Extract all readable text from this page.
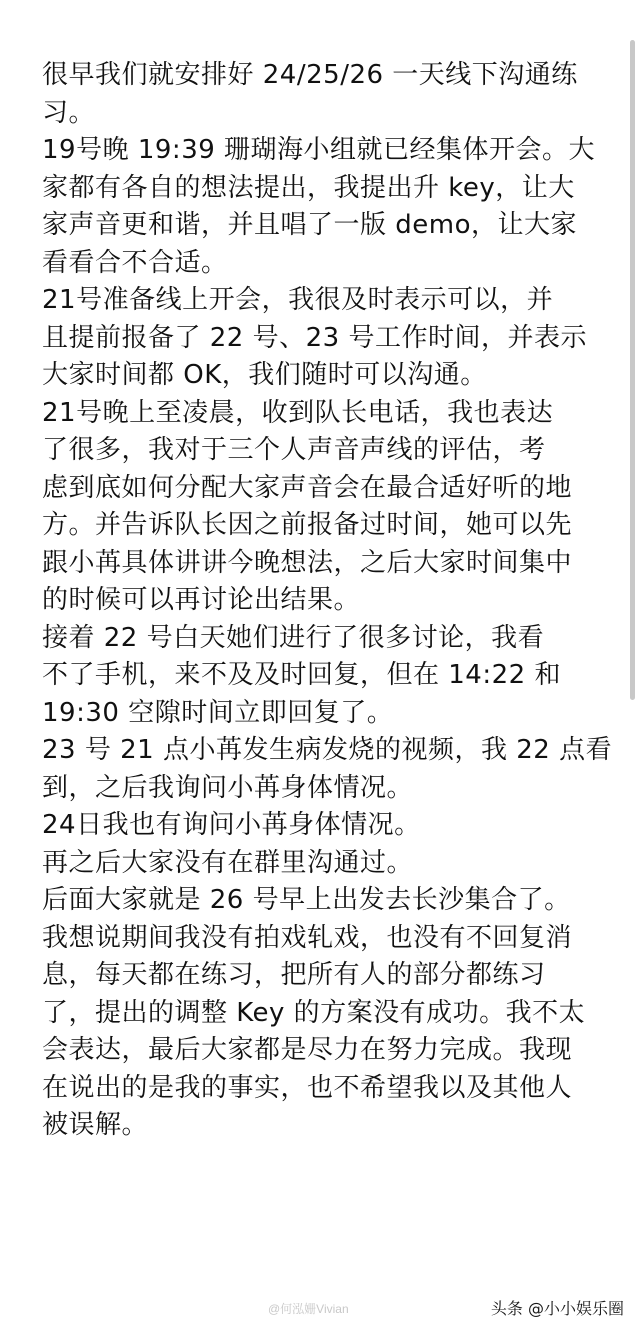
很早我们就安排好 24/25/26 一天线下沟通练
习。
19号晚 19:39 珊瑚海小组就已经集体开会。大
家都有各自的想法提出，我提出升 key，让大
家声音更和谐，并且唱了一版 demo，让大家
看看合不合适。
21号准备线上开会，我很及时表示可以，并
且提前报备了 22 号、23 号工作时间，并表示
大家时间都 OK，我们随时可以沟通。
21号晚上至凌晨，收到队长电话，我也表达
了很多，我对于三个人声音声线的评估，考
虑到底如何分配大家声音会在最合适好听的地
方。并告诉队长因之前报备过时间，她可以先
跟小苒具体讲讲今晚想法，之后大家时间集中
的时候可以再讨论出结果。
接着 22 号白天她们进行了很多讨论，我看
不了手机，来不及及时回复，但在 14:22 和
19:30 空隙时间立即回复了。
23 号 21 点小苒发生病发烧的视频，我 22 点看
到，之后我询问小苒身体情况。
24日我也有询问小苒身体情况。
再之后大家没有在群里沟通过。
后面大家就是 26 号早上出发去长沙集合了。
我想说期间我没有拍戏轧戏，也没有不回复消
息，每天都在练习，把所有人的部分都练习
了，提出的调整 Key 的方案没有成功。我不太
会表达，最后大家都是尽力在努力完成。我现
在说出的是我的事实，也不希望我以及其他人
被误解。
@何泓姗Vivian	头条 @小小娱乐圈
